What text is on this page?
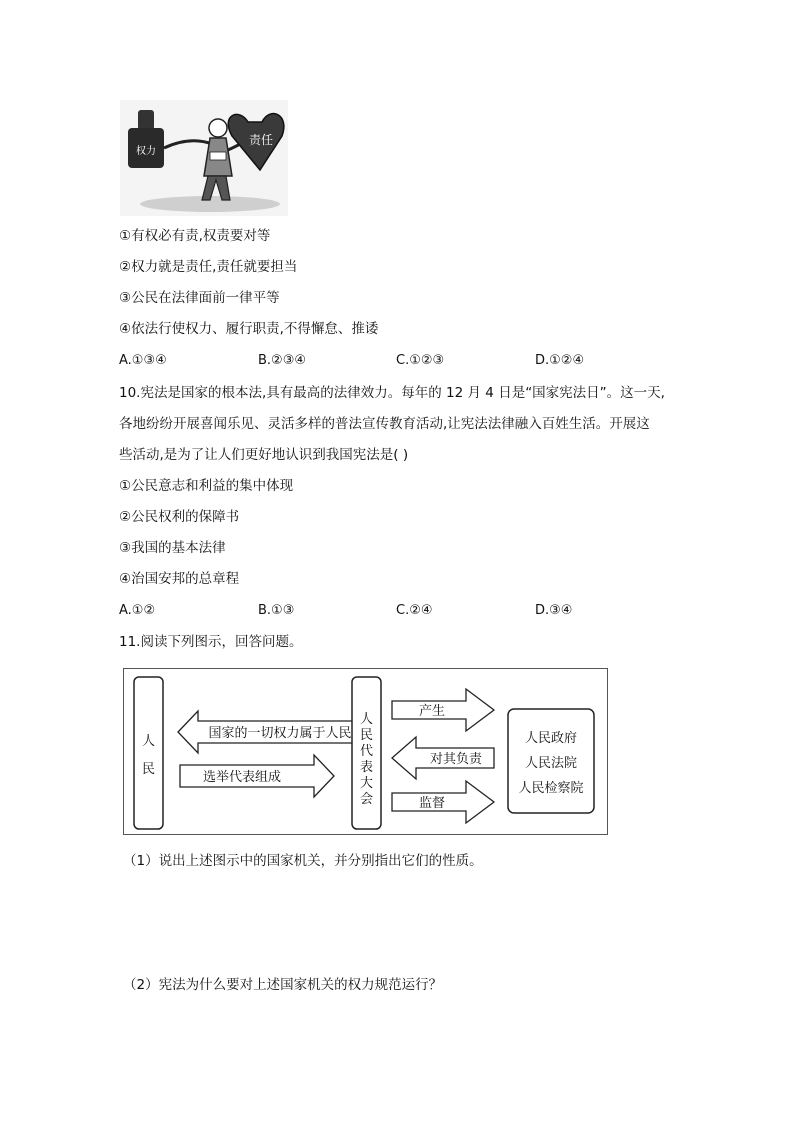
权力
责任
①有权必有责,权责要对等
②权力就是责任,责任就要担当
③公民在法律面前一律平等
④依法行使权力、履行职责,不得懈怠、推诿
A.①③④	B.②③④	C.①②③	D.①②④
10.宪法是国家的根本法,具有最高的法律效力。每年的 12 月 4 日是“国家宪法日”。这一天,
各地纷纷开展喜闻乐见、灵活多样的普法宣传教育活动,让宪法法律融入百姓生活。开展这
些活动,是为了让人们更好地认识到我国宪法是( )
①公民意志和利益的集中体现
②公民权利的保障书
③我国的基本法律
④治国安邦的总章程
A.①②	B.①③	C.②④	D.③④
11.阅读下列图示，回答问题。
人
民
国家的一切权力属于人民
选举代表组成
人
民
代
表
大
会
产生
对其负责
监督
人民政府
人民法院
人民检察院
（1）说出上述图示中的国家机关，并分别指出它们的性质。
（2）宪法为什么要对上述国家机关的权力规范运行？
